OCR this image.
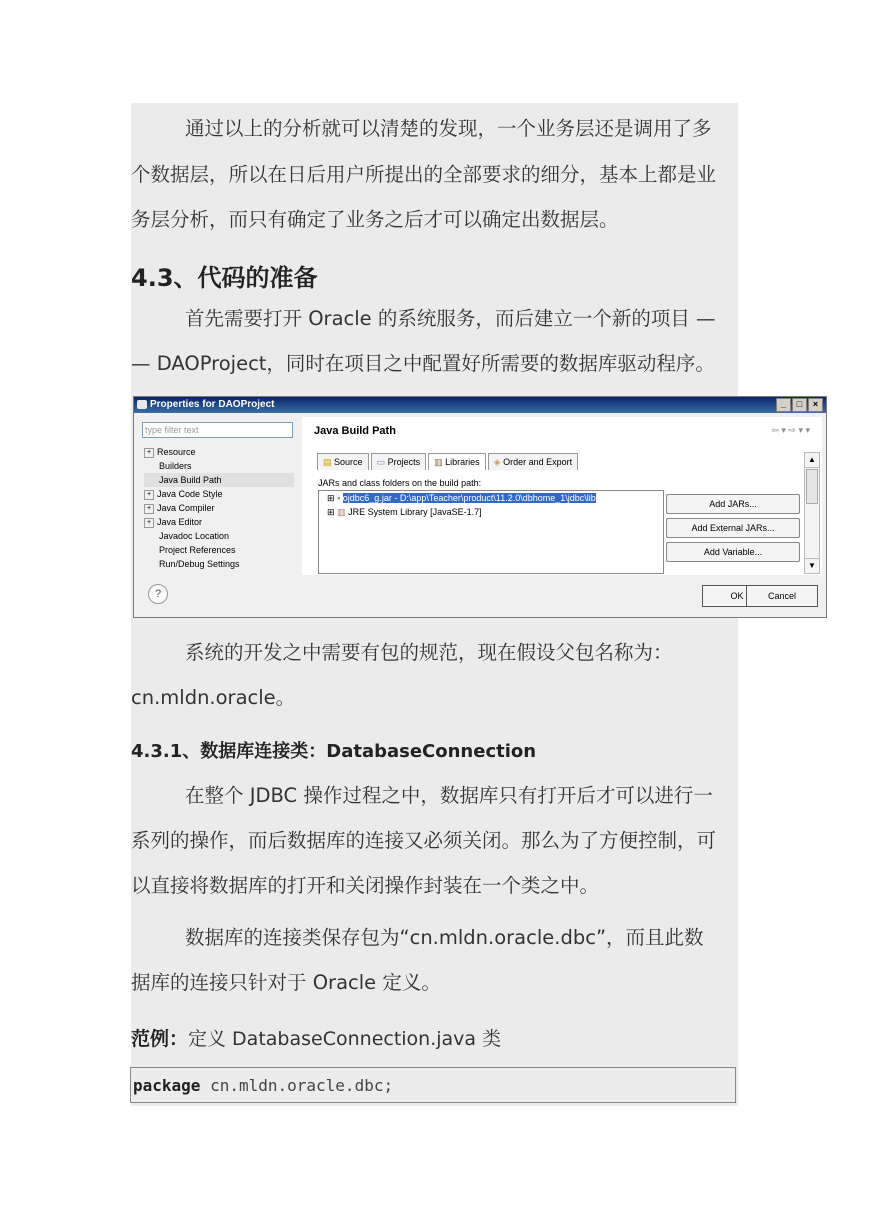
通过以上的分析就可以清楚的发现，一个业务层还是调用了多
个数据层，所以在日后用户所提出的全部要求的细分，基本上都是业
务层分析，而只有确定了业务之后才可以确定出数据层。
4.3、代码的准备
首先需要打开 Oracle 的系统服务，而后建立一个新的项目 —
— DAOProject，同时在项目之中配置好所需要的数据库驱动程序。
Properties for DAOProject	_	□	×
type filter text
+ Resource
Builders
Java Build Path
+ Java Code Style
+ Java Compiler
+ Java Editor
Javadoc Location
Project References
Run/Debug Settings
Java Build Path	⇦ ▾ ⇨ ▾ ▾
▤ Source	▭ Projects	▥ Libraries	◈ Order and Export
JARs and class folders on the build path:
⊞ ▪ ojdbc6_g.jar - D:\app\Teacher\product\11.2.0\dbhome_1\jdbc\lib
⊞ ▥ JRE System Library [JavaSE-1.7]
Add JARs...
Add External JARs...
Add Variable...
▲
▼
?	OK	Cancel
系统的开发之中需要有包的规范，现在假设父包名称为：
cn.mldn.oracle。
4.3.1、数据库连接类：DatabaseConnection
在整个 JDBC 操作过程之中，数据库只有打开后才可以进行一
系列的操作，而后数据库的连接又必须关闭。那么为了方便控制，可
以直接将数据库的打开和关闭操作封装在一个类之中。
数据库的连接类保存包为“cn.mldn.oracle.dbc”，而且此数
据库的连接只针对于 Oracle 定义。
范例：定义 DatabaseConnection.java 类
package cn.mldn.oracle.dbc;
